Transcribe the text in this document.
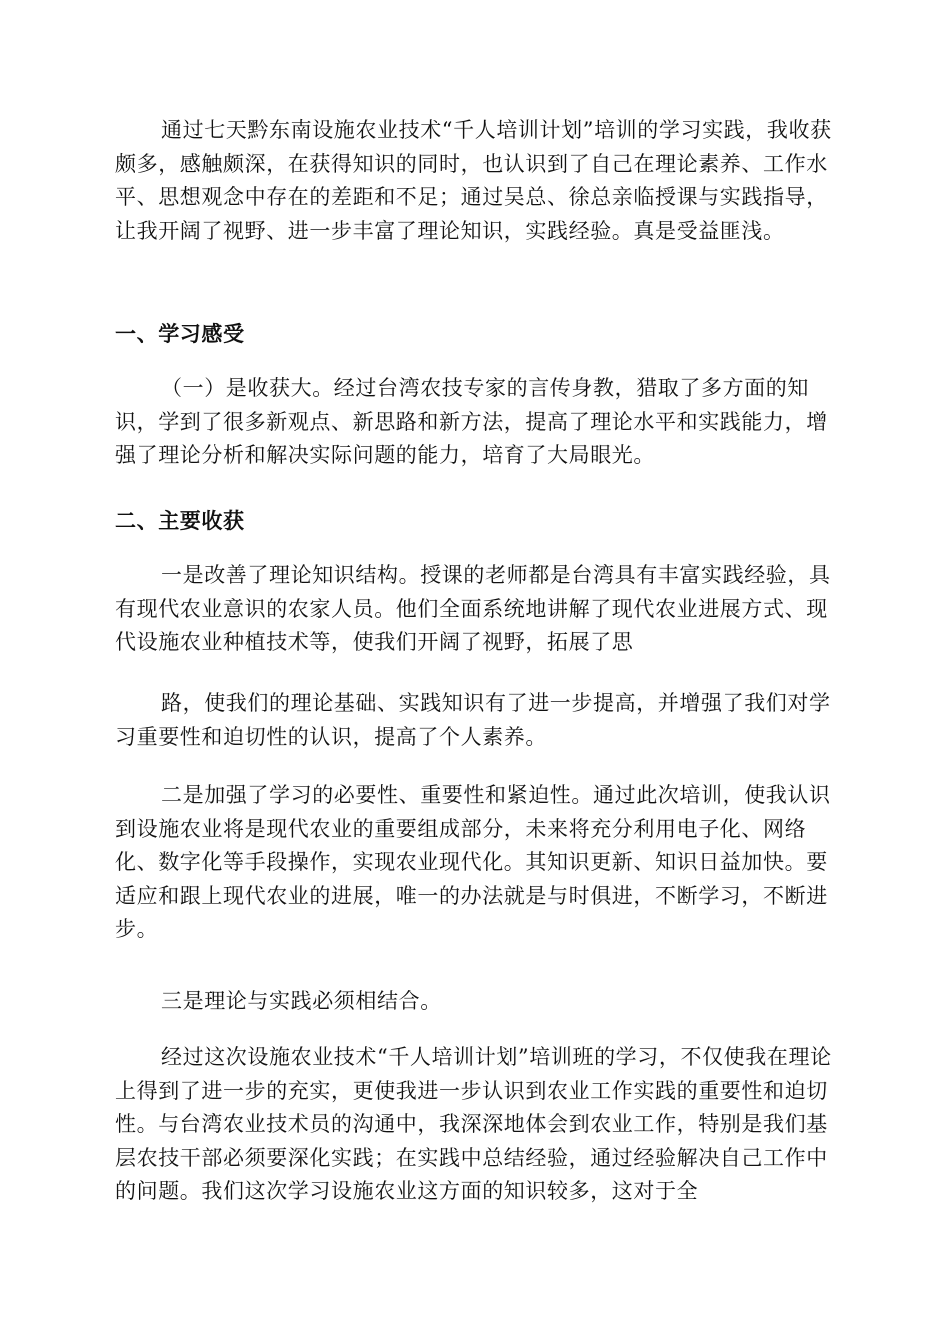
通过七天黔东南设施农业技术“千人培训计划”培训的学习实践，我收获颇多，感触颇深，在获得知识的同时，也认识到了自己在理论素养、工作水平、思想观念中存在的差距和不足；通过吴总、徐总亲临授课与实践指导，让我开阔了视野、进一步丰富了理论知识，实践经验。真是受益匪浅。

一、学习感受

（一）是收获大。经过台湾农技专家的言传身教，猎取了多方面的知识，学到了很多新观点、新思路和新方法，提高了理论水平和实践能力，增强了理论分析和解决实际问题的能力，培育了大局眼光。

二、主要收获

一是改善了理论知识结构。授课的老师都是台湾具有丰富实践经验，具有现代农业意识的农家人员。他们全面系统地讲解了现代农业进展方式、现代设施农业种植技术等，使我们开阔了视野，拓展了思

路，使我们的理论基础、实践知识有了进一步提高，并增强了我们对学习重要性和迫切性的认识，提高了个人素养。

二是加强了学习的必要性、重要性和紧迫性。通过此次培训，使我认识到设施农业将是现代农业的重要组成部分，未来将充分利用电子化、网络化、数字化等手段操作，实现农业现代化。其知识更新、知识日益加快。要适应和跟上现代农业的进展，唯一的办法就是与时俱进，不断学习，不断进步。

三是理论与实践必须相结合。

经过这次设施农业技术“千人培训计划”培训班的学习，不仅使我在理论上得到了进一步的充实，更使我进一步认识到农业工作实践的重要性和迫切性。与台湾农业技术员的沟通中，我深深地体会到农业工作，特别是我们基层农技干部必须要深化实践；在实践中总结经验，通过经验解决自己工作中的问题。我们这次学习设施农业这方面的知识较多，这对于全
